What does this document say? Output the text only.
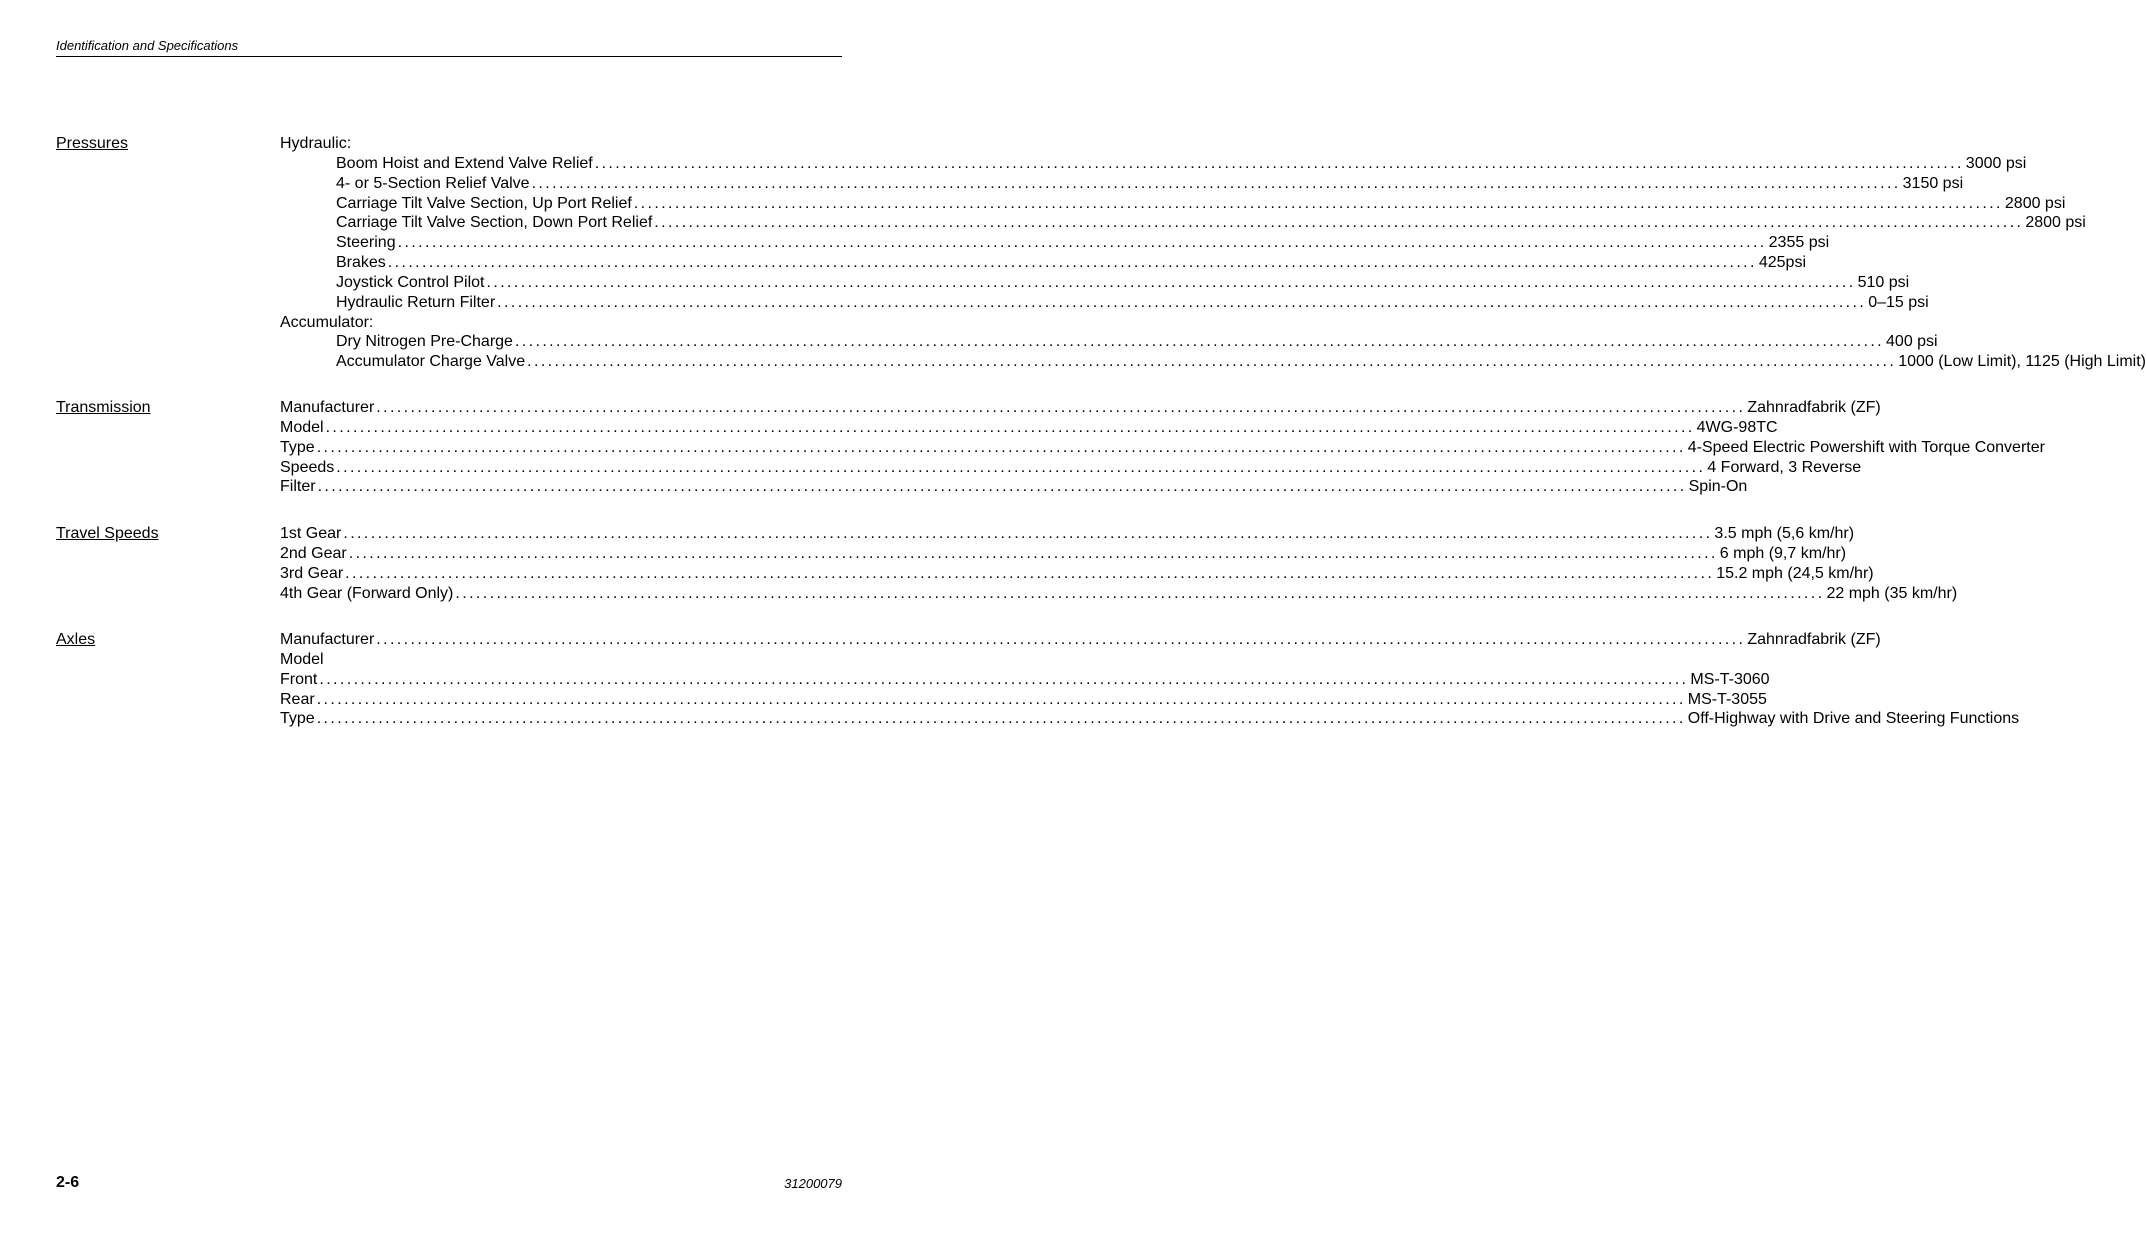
Identification and Specifications
Pressures	Hydraulic:
Boom Hoist and Extend Valve Relief ........................................................................................................................................................................................................ 3000 psi
4- or 5-Section Relief Valve ........................................................................................................................................................................................................ 3150 psi
Carriage Tilt Valve Section, Up Port Relief ........................................................................................................................................................................................................ 2800 psi
Carriage Tilt Valve Section, Down Port Relief ........................................................................................................................................................................................................ 2800 psi
Steering ........................................................................................................................................................................................................ 2355 psi
Brakes ........................................................................................................................................................................................................ 425psi
Joystick Control Pilot ........................................................................................................................................................................................................ 510 psi
Hydraulic Return Filter ........................................................................................................................................................................................................ 0–15 psi
Accumulator:
Dry Nitrogen Pre-Charge ........................................................................................................................................................................................................ 400 psi
Accumulator Charge Valve ........................................................................................................................................................................................................ 1000 (Low Limit), 1125 (High Limit)
Transmission	Manufacturer ........................................................................................................................................................................................................ Zahnradfabrik (ZF)
Model ........................................................................................................................................................................................................ 4WG-98TC
Type ........................................................................................................................................................................................................ 4-Speed Electric Powershift with Torque Converter
Speeds ........................................................................................................................................................................................................ 4 Forward, 3 Reverse
Filter ........................................................................................................................................................................................................ Spin-On
Travel Speeds	1st Gear ........................................................................................................................................................................................................ 3.5 mph (5,6 km/hr)
2nd Gear ........................................................................................................................................................................................................ 6 mph (9,7 km/hr)
3rd Gear ........................................................................................................................................................................................................ 15.2 mph (24,5 km/hr)
4th Gear (Forward Only) ........................................................................................................................................................................................................ 22 mph (35 km/hr)
Axles	Manufacturer ........................................................................................................................................................................................................ Zahnradfabrik (ZF)
Model
Front ........................................................................................................................................................................................................ MS-T-3060
Rear ........................................................................................................................................................................................................ MS-T-3055
Type ........................................................................................................................................................................................................ Off-Highway with Drive and Steering Functions
2-6	31200079
